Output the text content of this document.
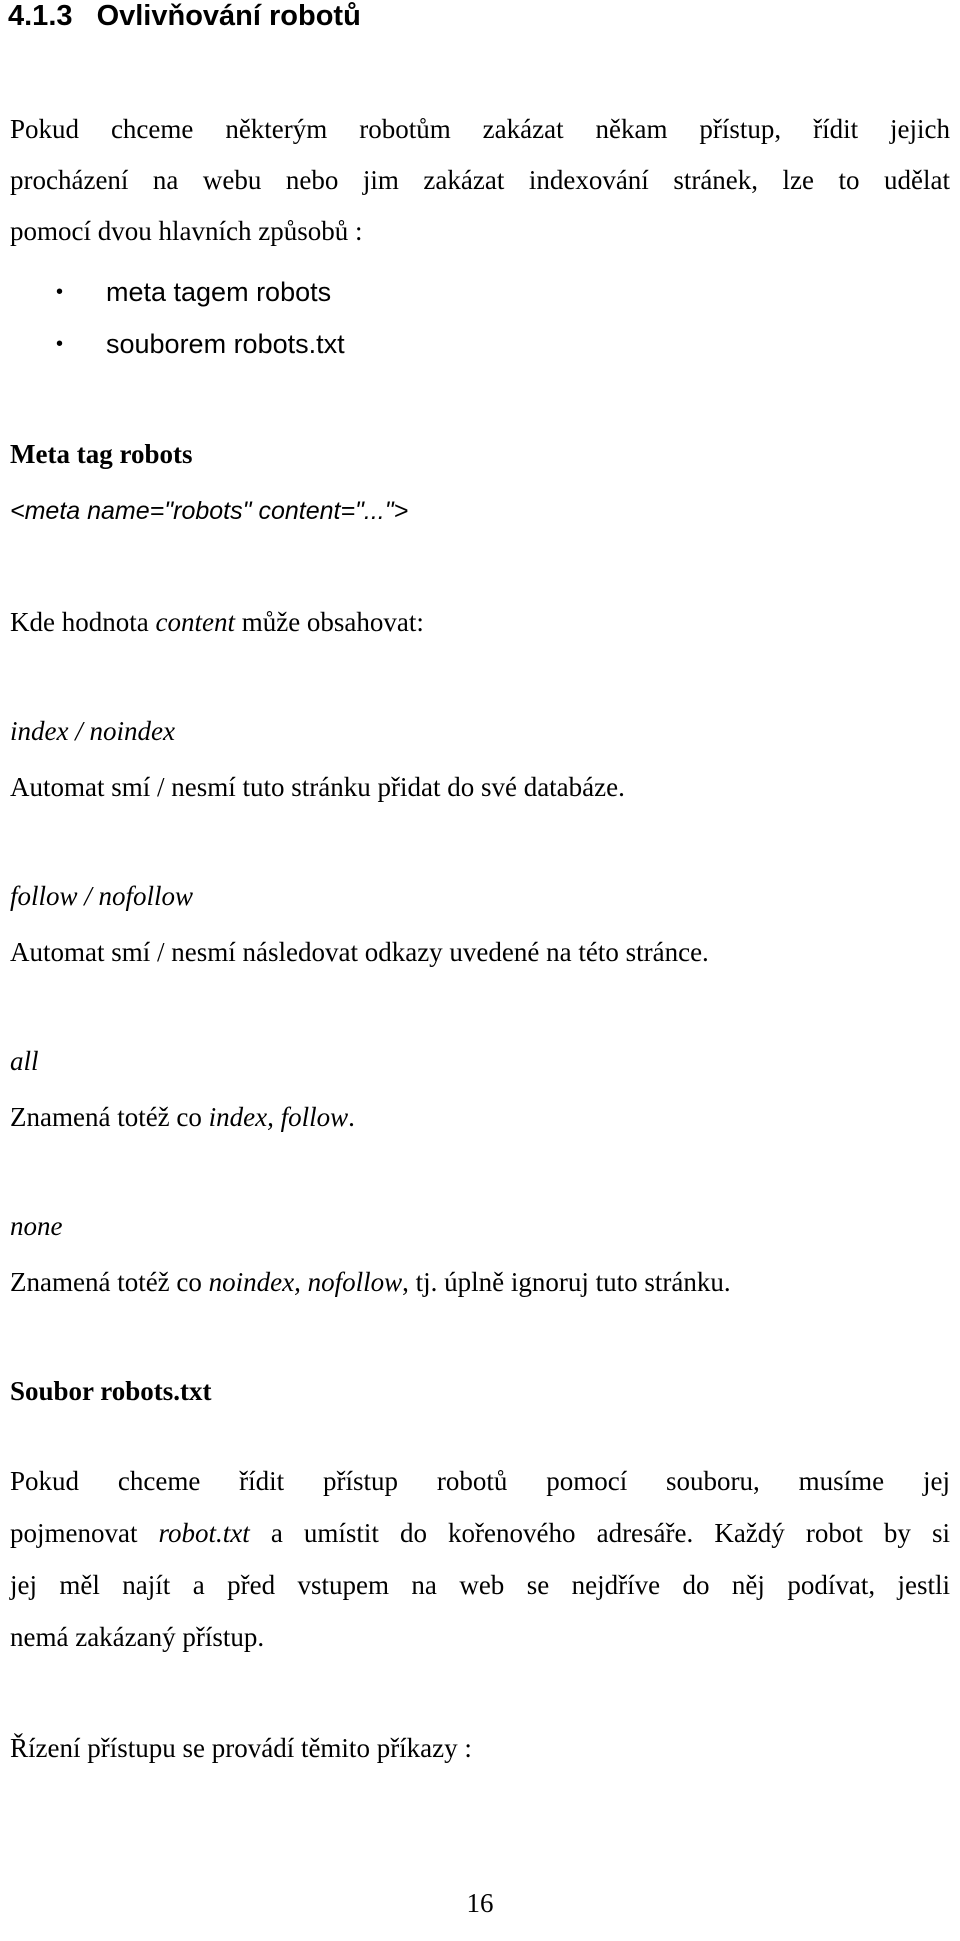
4.1.3 Ovlivňování robotů
Pokud chceme některým robotům zakázat někam přístup, řídit jejich
procházení na webu nebo jim zakázat indexování stránek, lze to udělat
pomocí dvou hlavních způsobů :
• meta tagem robots
• souborem robots.txt
Meta tag robots
<meta name="robots" content="...">
Kde hodnota content může obsahovat:
index / noindex
Automat smí / nesmí tuto stránku přidat do své databáze.
follow / nofollow
Automat smí / nesmí následovat odkazy uvedené na této stránce.
all
Znamená totéž co index, follow.
none
Znamená totéž co noindex, nofollow, tj. úplně ignoruj tuto stránku.
Soubor robots.txt
Pokud chceme řídit přístup robotů pomocí souboru, musíme jej
pojmenovat robot.txt a umístit do kořenového adresáře. Každý robot by si
jej měl najít a před vstupem na web se nejdříve do něj podívat, jestli
nemá zakázaný přístup.
Řízení přístupu se provádí těmito příkazy :
16
